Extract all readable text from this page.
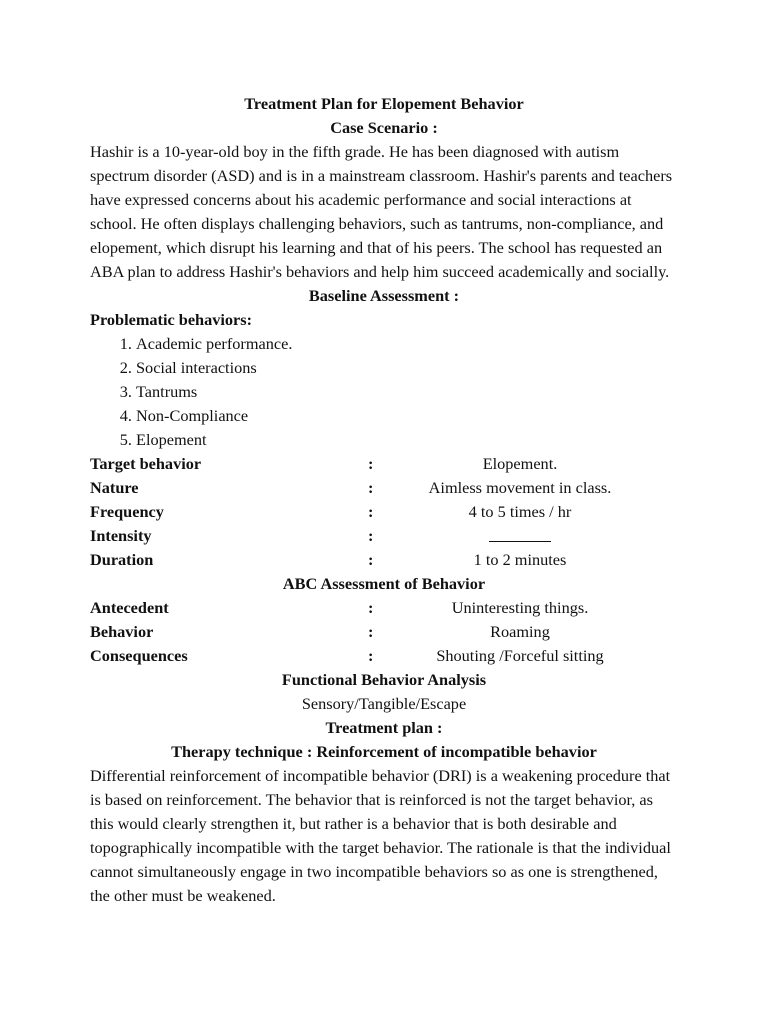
Treatment Plan for Elopement Behavior
Case Scenario :
Hashir is a 10-year-old boy in the fifth grade. He has been diagnosed with autism spectrum disorder (ASD) and is in a mainstream classroom. Hashir's parents and teachers have expressed concerns about his academic performance and social interactions at school. He often displays challenging behaviors, such as tantrums, non-compliance, and elopement, which disrupt his learning and that of his peers. The school has requested an ABA plan to address Hashir's behaviors and help him succeed academically and socially.
Baseline Assessment :
Problematic behaviors:
1. Academic performance.
2. Social interactions
3. Tantrums
4. Non-Compliance
5. Elopement
Target behavior	:	Elopement.
Nature	:	Aimless movement in class.
Frequency	:	4 to 5 times / hr
Intensity	:
Duration	:	1 to 2 minutes
ABC Assessment of Behavior
Antecedent	:	Uninteresting things.
Behavior	:	Roaming
Consequences	:	Shouting /Forceful sitting
Functional Behavior Analysis
Sensory/Tangible/Escape
Treatment plan :
Therapy technique : Reinforcement of incompatible behavior
Differential reinforcement of incompatible behavior (DRI) is a weakening procedure that is based on reinforcement. The behavior that is reinforced is not the target behavior, as this would clearly strengthen it, but rather is a behavior that is both desirable and topographically incompatible with the target behavior. The rationale is that the individual cannot simultaneously engage in two incompatible behaviors so as one is strengthened, the other must be weakened.
